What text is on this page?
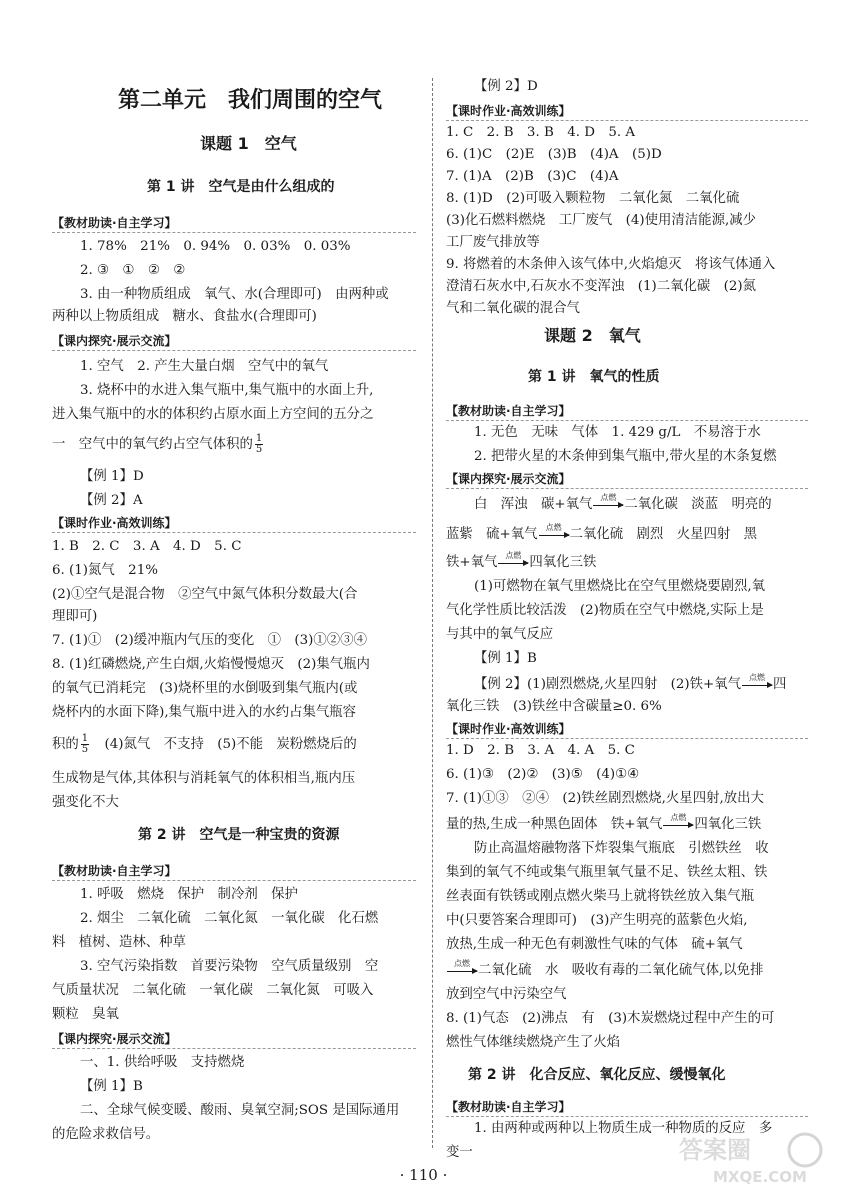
第二单元　我们周围的空气
课题 1　空气
第 1 讲　空气是由什么组成的
【教材助读·自主学习】
1. 78%　21%　0. 94%　0. 03%　0. 03%
2. ③　①　②　②
3. 由一种物质组成　氧气、水(合理即可)　由两种或
两种以上物质组成　糖水、食盐水(合理即可)
【课内探究·展示交流】
1. 空气　2. 产生大量白烟　空气中的氧气
3. 烧杯中的水进入集气瓶中,集气瓶中的水面上升,
进入集气瓶中的水的体积约占原水面上方空间的五分之
一　空气中的氧气约占空气体积的 $\frac{1}{5}$
【例 1】D
【例 2】A
【课时作业·高效训练】
1. B　2. C　3. A　4. D　5. C
6. (1)氮气　21%
(2)①空气是混合物　②空气中氮气体积分数最大(合
理即可)
7. (1)①　(2)缓冲瓶内气压的变化　①　(3)①②③④
8. (1)红磷燃烧,产生白烟,火焰慢慢熄灭　(2)集气瓶内
的氧气已消耗完　(3)烧杯里的水倒吸到集气瓶内(或
烧杯内的水面下降),集气瓶中进入的水约占集气瓶容
积的 $\frac{1}{5}$ 　(4)氮气　不支持　(5)不能　炭粉燃烧后的
生成物是气体,其体积与消耗氧气的体积相当,瓶内压
强变化不大
第 2 讲　空气是一种宝贵的资源
【教材助读·自主学习】
1. 呼吸　燃烧　保护　制冷剂　保护
2. 烟尘　二氧化硫　二氧化氮　一氧化碳　化石燃
料　植树、造林、种草
3. 空气污染指数　首要污染物　空气质量级别　空
气质量状况　二氧化硫　一氧化碳　二氧化氮　可吸入
颗粒　臭氧
【课内探究·展示交流】
一、1. 供给呼吸　支持燃烧
【例 1】B
二、全球气候变暖、酸雨、臭氧空洞;SOS 是国际通用
的危险求救信号。
【例 2】D
【课时作业·高效训练】
1. C　2. B　3. B　4. D　5. A
6. (1)C　(2)E　(3)B　(4)A　(5)D
7. (1)A　(2)B　(3)C　(4)A
8. (1)D　(2)可吸入颗粒物　二氧化氮　二氧化硫
(3)化石燃料燃烧　工厂废气　(4)使用清洁能源,减少
工厂废气排放等
9. 将燃着的木条伸入该气体中,火焰熄灭　将该气体通入
澄清石灰水中,石灰水不变浑浊　(1)二氧化碳　(2)氮
气和二氧化碳的混合气
课题 2　氧气
第 1 讲　氧气的性质
【教材助读·自主学习】
1. 无色　无味　气体　1. 429 g/L　不易溶于水
2. 把带火星的木条伸到集气瓶中,带火星的木条复燃
【课内探究·展示交流】
白　浑浊　碳+氧气	点燃 二氧化碳　淡蓝　明亮的
蓝紫　硫+氧气	点燃 二氧化硫　剧烈　火星四射　黑
铁+氧气	点燃 四氧化三铁
(1)可燃物在氧气里燃烧比在空气里燃烧要剧烈,氧
气化学性质比较活泼　(2)物质在空气中燃烧,实际上是
与其中的氧气反应
【例 1】B
【例 2】(1)剧烈燃烧,火星四射　(2)铁+氧气	点燃 四
氧化三铁　(3)铁丝中含碳量≥0. 6%
【课时作业·高效训练】
1. D　2. B　3. A　4. A　5. C
6. (1)③　(2)②　(3)⑤　(4)①④
7. (1)①③　②④　(2)铁丝剧烈燃烧,火星四射,放出大
量的热,生成一种黑色固体　铁+氧气	点燃 四氧化三铁
防止高温熔融物落下炸裂集气瓶底　引燃铁丝　收
集到的氧气不纯或集气瓶里氧气量不足、铁丝太粗、铁
丝表面有铁锈或刚点燃火柴马上就将铁丝放入集气瓶
中(只要答案合理即可)　(3)产生明亮的蓝紫色火焰,
放热,生成一种无色有刺激性气味的气体　硫+氧气
点燃 二氧化硫　水　吸收有毒的二氧化硫气体,以免排
放到空气中污染空气
8. (1)气态　(2)沸点　有　(3)木炭燃烧过程中产生的可
燃性气体继续燃烧产生了火焰
第 2 讲　化合反应、氧化反应、缓慢氧化
【教材助读·自主学习】
1. 由两种或两种以上物质生成一种物质的反应　多
变一
· 110 ·
答案圈
MXQE.COM
